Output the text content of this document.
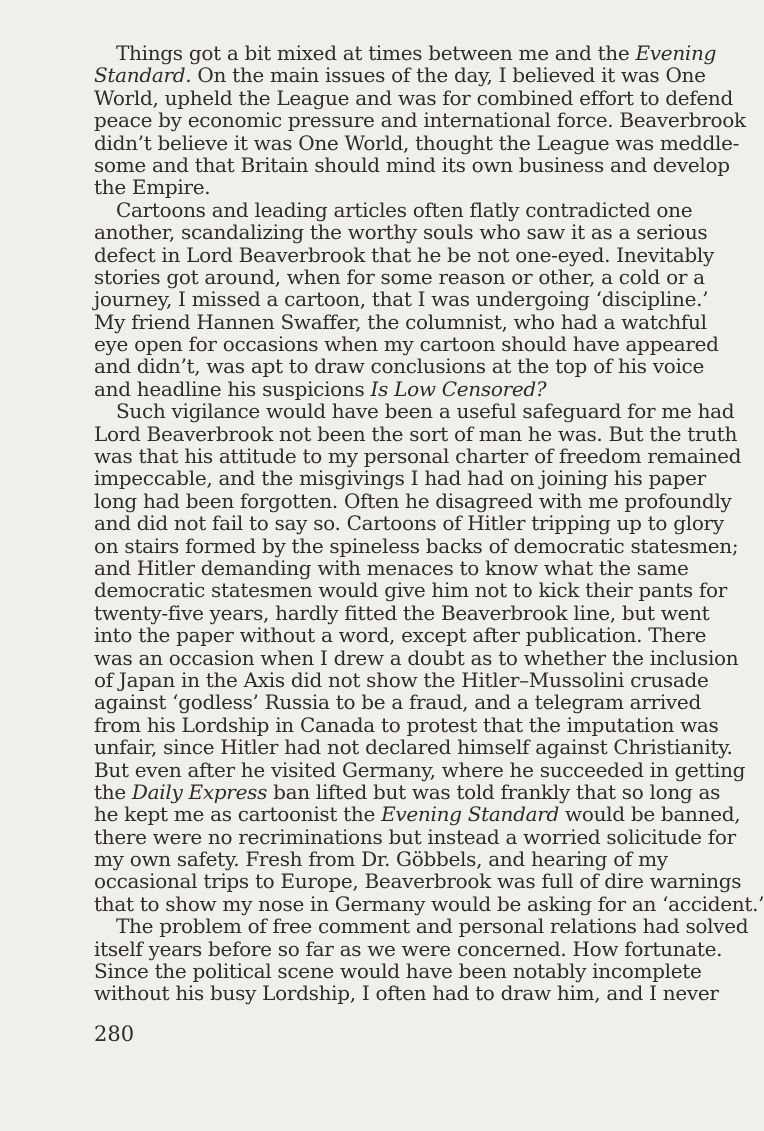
Things got a bit mixed at times between me and the Evening
Standard. On the main issues of the day, I believed it was One
World, upheld the League and was for combined effort to defend
peace by economic pressure and international force. Beaverbrook
didn’t believe it was One World, thought the League was meddle-
some and that Britain should mind its own business and develop
the Empire.
Cartoons and leading articles often flatly contradicted one
another, scandalizing the worthy souls who saw it as a serious
defect in Lord Beaverbrook that he be not one-eyed. Inevitably
stories got around, when for some reason or other, a cold or a
journey, I missed a cartoon, that I was undergoing ‘discipline.’
My friend Hannen Swaffer, the columnist, who had a watchful
eye open for occasions when my cartoon should have appeared
and didn’t, was apt to draw conclusions at the top of his voice
and headline his suspicions Is Low Censored?
Such vigilance would have been a useful safeguard for me had
Lord Beaverbrook not been the sort of man he was. But the truth
was that his attitude to my personal charter of freedom remained
impeccable, and the misgivings I had had on joining his paper
long had been forgotten. Often he disagreed with me profoundly
and did not fail to say so. Cartoons of Hitler tripping up to glory
on stairs formed by the spineless backs of democratic statesmen;
and Hitler demanding with menaces to know what the same
democratic statesmen would give him not to kick their pants for
twenty-five years, hardly fitted the Beaverbrook line, but went
into the paper without a word, except after publication. There
was an occasion when I drew a doubt as to whether the inclusion
of Japan in the Axis did not show the Hitler–Mussolini crusade
against ‘godless’ Russia to be a fraud, and a telegram arrived
from his Lordship in Canada to protest that the imputation was
unfair, since Hitler had not declared himself against Christianity.
But even after he visited Germany, where he succeeded in getting
the Daily Express ban lifted but was told frankly that so long as
he kept me as cartoonist the Evening Standard would be banned,
there were no recriminations but instead a worried solicitude for
my own safety. Fresh from Dr. Göbbels, and hearing of my
occasional trips to Europe, Beaverbrook was full of dire warnings
that to show my nose in Germany would be asking for an ‘accident.’
The problem of free comment and personal relations had solved
itself years before so far as we were concerned. How fortunate.
Since the political scene would have been notably incomplete
without his busy Lordship, I often had to draw him, and I never
280
